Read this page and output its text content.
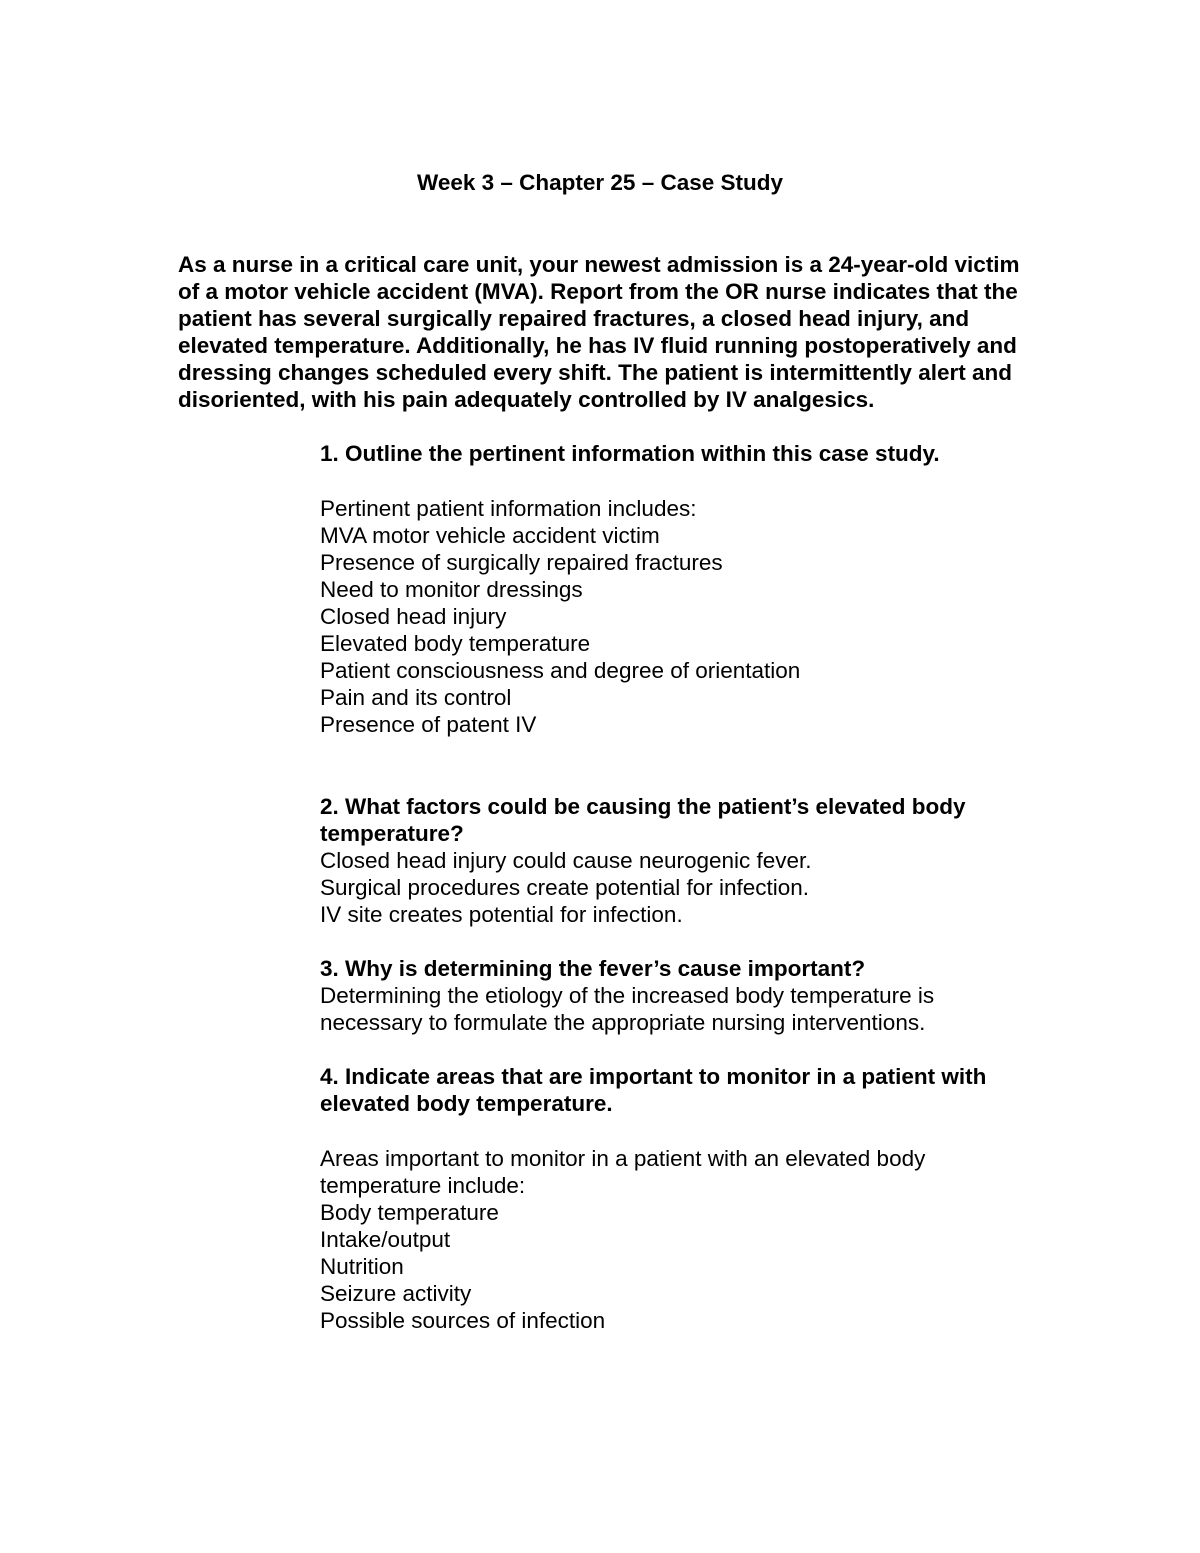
Week 3 – Chapter 25 – Case Study

As a nurse in a critical care unit, your newest admission is a 24-year-old victim
of a motor vehicle accident (MVA). Report from the OR nurse indicates that the
patient has several surgically repaired fractures, a closed head injury, and
elevated temperature. Additionally, he has IV fluid running postoperatively and
dressing changes scheduled every shift. The patient is intermittently alert and
disoriented, with his pain adequately controlled by IV analgesics.

1. Outline the pertinent information within this case study.
Pertinent patient information includes:
MVA motor vehicle accident victim
Presence of surgically repaired fractures
Need to monitor dressings
Closed head injury
Elevated body temperature
Patient consciousness and degree of orientation
Pain and its control
Presence of patent IV
2. What factors could be causing the patient’s elevated body
temperature?
Closed head injury could cause neurogenic fever.
Surgical procedures create potential for infection.
IV site creates potential for infection.
3. Why is determining the fever’s cause important?
Determining the etiology of the increased body temperature is
necessary to formulate the appropriate nursing interventions.
4. Indicate areas that are important to monitor in a patient with
elevated body temperature.
Areas important to monitor in a patient with an elevated body
temperature include:
Body temperature
Intake/output
Nutrition
Seizure activity
Possible sources of infection
